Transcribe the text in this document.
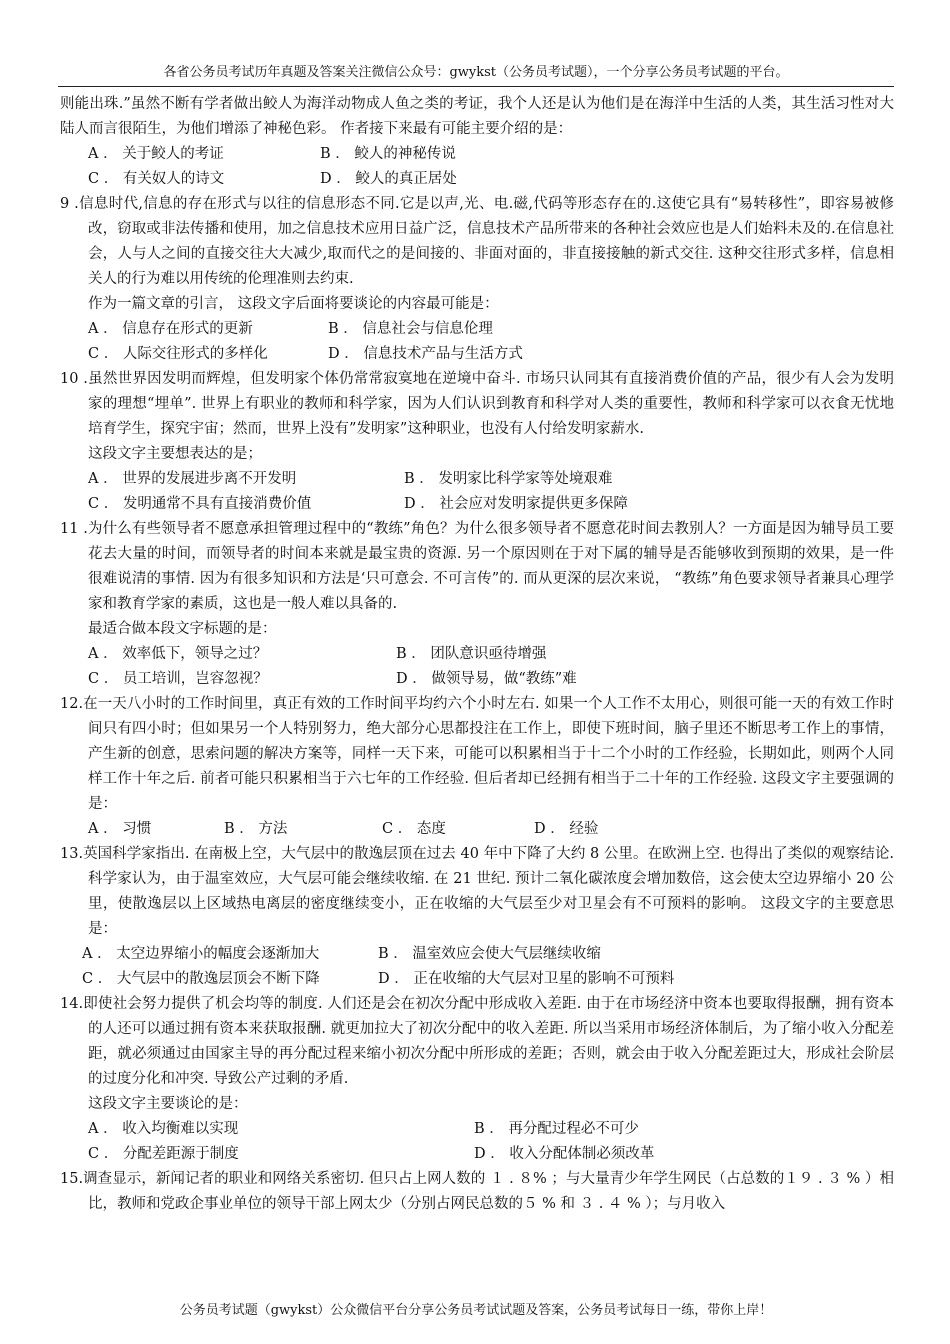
各省公务员考试历年真题及答案关注微信公众号：gwykst（公务员考试题），一个分享公务员考试题的平台。

则能出珠.”虽然不断有学者做出鲛人为海洋动物成人鱼之类的考证，我个人还是认为他们是在海洋中生活的人类，其生活习性对大陆人而言很陌生，为他们增添了神秘色彩。 作者接下来最有可能主要介绍的是：

A ． 关于鲛人的考证	B ． 鲛人的神秘传说
C ． 有关奴人的诗文	D ． 鲛人的真正居处
9 .信息时代,信息的存在形式与以往的信息形态不同.它是以声,光、电.磁,代码等形态存在的.这使它具有“易转移性”，即容易被修改，窃取或非法传播和使用，加之信息技术应用日益广泛，信息技术产品所带来的各种社会效应也是人们始料未及的.在信息社会，人与人之间的直接交往大大减少,取而代之的是间接的、非面对面的，非直接接触的新式交往. 这种交往形式多样，信息相关人的行为难以用传统的伦理准则去约束.
作为一篇文章的引言， 这段文字后面将要谈论的内容最可能是：
A ． 信息存在形式的更新	B ． 信息社会与信息伦理
C ． 人际交往形式的多样化	D ． 信息技术产品与生活方式
10 .虽然世界因发明而辉煌，但发明家个体仍常常寂寞地在逆境中奋斗. 市场只认同其有直接消费价值的产品，很少有人会为发明家的理想“埋单”. 世界上有职业的教师和科学家，因为人们认识到教育和科学对人类的重要性，教师和科学家可以衣食无忧地培育学生，探究宇宙；然而，世界上没有”发明家”这种职业，也没有人付给发明家薪水.
这段文字主要想表达的是；
A ． 世界的发展进步离不开发明	B ． 发明家比科学家等处境艰难
C ． 发明通常不具有直接消费价值	D ． 社会应对发明家提供更多保障
11 .为什么有些领导者不愿意承担管理过程中的“教练”角色？为什么很多领导者不愿意花时间去教别人？一方面是因为辅导员工要花去大量的时间，而领导者的时间本来就是最宝贵的资源. 另一个原因则在于对下属的辅导是否能够收到预期的效果，是一件很难说清的事情. 因为有很多知识和方法是‘只可意会. 不可言传”的. 而从更深的层次来说， “教练”角色要求领导者兼具心理学家和教育学家的素质，这也是一般人难以具备的.
最适合做本段文字标题的是：
A ． 效率低下，领导之过？	B ． 团队意识亟待增强
C ． 员工培训，岂容忽视？	D ． 做领导易，做“教练”难
12.在一天八小时的工作时间里，真正有效的工作时间平均约六个小时左右. 如果一个人工作不太用心，则很可能一天的有效工作时间只有四小时；但如果另一个人特别努力，绝大部分心思都投注在工作上，即使下班时间，脑子里还不断思考工作上的事情，产生新的创意，思索问题的解决方案等，同样一天下来，可能可以积累相当于十二个小时的工作经验，长期如此，则两个人同样工作十年之后. 前者可能只积累相当于六七年的工作经验. 但后者却已经拥有相当于二十年的工作经验. 这段文字主要强调的是：
A ． 习惯	B ． 方法	C ． 态度	D ． 经验
13.英国科学家指出. 在南极上空，大气层中的散逸层顶在过去 40 年中下降了大约 8 公里。在欧洲上空. 也得出了类似的观察结论. 科学家认为，由于温室效应，大气层可能会继续收缩. 在 21 世纪. 预计二氧化碳浓度会增加数倍，这会使太空边界缩小 20 公里，使散逸层以上区域热电离层的密度继续变小，正在收缩的大气层至少对卫星会有不可预料的影响。 这段文字的主要意思是：
A ． 太空边界缩小的幅度会逐渐加大	B ． 温室效应会使大气层继续收缩
C ． 大气层中的散逸层顶会不断下降	D ． 正在收缩的大气层对卫星的影响不可预料
14.即使社会努力提供了机会均等的制度. 人们还是会在初次分配中形成收入差距. 由于在市场经济中资本也要取得报酬，拥有资本的人还可以通过拥有资本来获取报酬. 就更加拉大了初次分配中的收入差距. 所以当采用市场经济体制后，为了缩小收入分配差距，就必须通过由国家主导的再分配过程来缩小初次分配中所形成的差距；否则，就会由于收入分配差距过大，形成社会阶层的过度分化和冲突. 导致公产过剩的矛盾.
这段文字主要谈论的是：
A ． 收入均衡难以实现	B ． 再分配过程必不可少
C ． 分配差距源于制度	D ． 收入分配体制必须改革
15.调查显示，新闻记者的职业和网络关系密切. 但只占上网人数的 １ . ８% ；与大量青少年学生网民（占总数的１９ . ３ % ）相比，教师和党政企事业单位的领导干部上网太少（分别占网民总数的５ % 和 ３ . ４ % ）；与月收入
公务员考试题（gwykst）公众微信平台分享公务员考试试题及答案，公务员考试每日一练，带你上岸！
